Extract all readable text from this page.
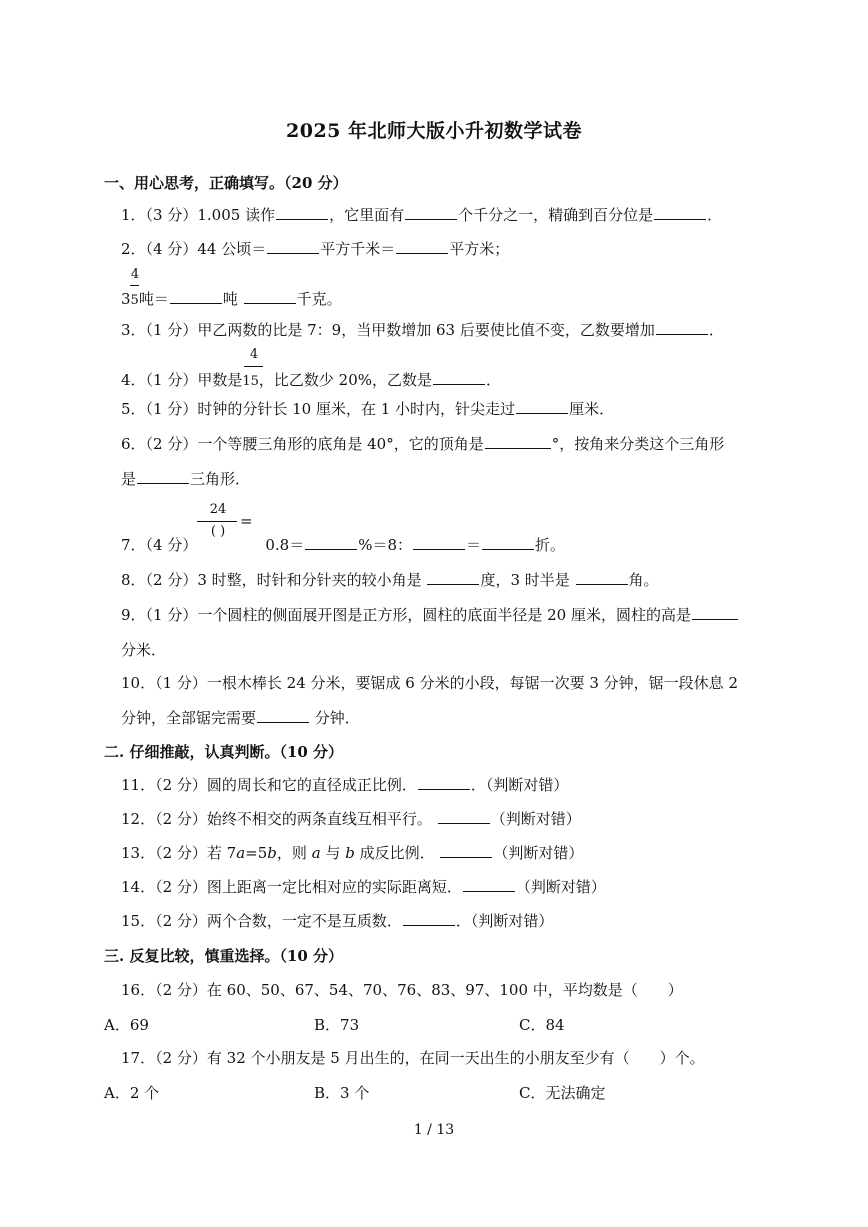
2025 年北师大版小升初数学试卷
一、用心思考，正确填写。（20 分）
1．（3 分）1.005 读作	，它里面有	个千分之一，精确到百分位是	．
2．（4 分）44 公顷＝	平方千米＝	平方米；
4
35吨＝	吨	千克。
3．（1 分）甲乙两数的比是 7：9，当甲数增加 63 后要使比值不变，乙数要增加	．
4
4．（1 分）甲数是15，比乙数少 20%，乙数是	．
5．（1 分）时钟的分针长 10 厘米，在 1 小时内，针尖走过	厘米．
6．（2 分）一个等腰三角形的底角是 40°，它的顶角是	°，按角来分类这个三角形
是	三角形．
24
( )
=
7．（4 分）	0.8＝	%＝8：	＝	折。
8．（2 分）3 时整，时针和分针夹的较小角是	度，3 时半是	角。
9．（1 分）一个圆柱的侧面展开图是正方形，圆柱的底面半径是 20 厘米，圆柱的高是
分米．
10．（1 分）一根木棒长 24 分米，要锯成 6 分米的小段，每锯一次要 3 分钟，锯一段休息 2
分钟，全部锯完需要	分钟．
二. 仔细推敲，认真判断。（10 分）
11．（2 分）圆的周长和它的直径成正比例．	．（判断对错）
12．（2 分）始终不相交的两条直线互相平行。	（判断对错）
13．（2 分）若 7a=5b，则 a 与 b 成反比例．	（判断对错）
14．（2 分）图上距离一定比相对应的实际距离短．	（判断对错）
15．（2 分）两个合数，一定不是互质数．	．（判断对错）
三. 反复比较，慎重选择。（10 分）
16．（2 分）在 60、50、67、54、70、76、83、97、100 中，平均数是（　　）
A．69	B．73	C．84
17．（2 分）有 32 个小朋友是 5 月出生的，在同一天出生的小朋友至少有（　　）个。
A．2 个	B．3 个	C．无法确定
1 / 13
